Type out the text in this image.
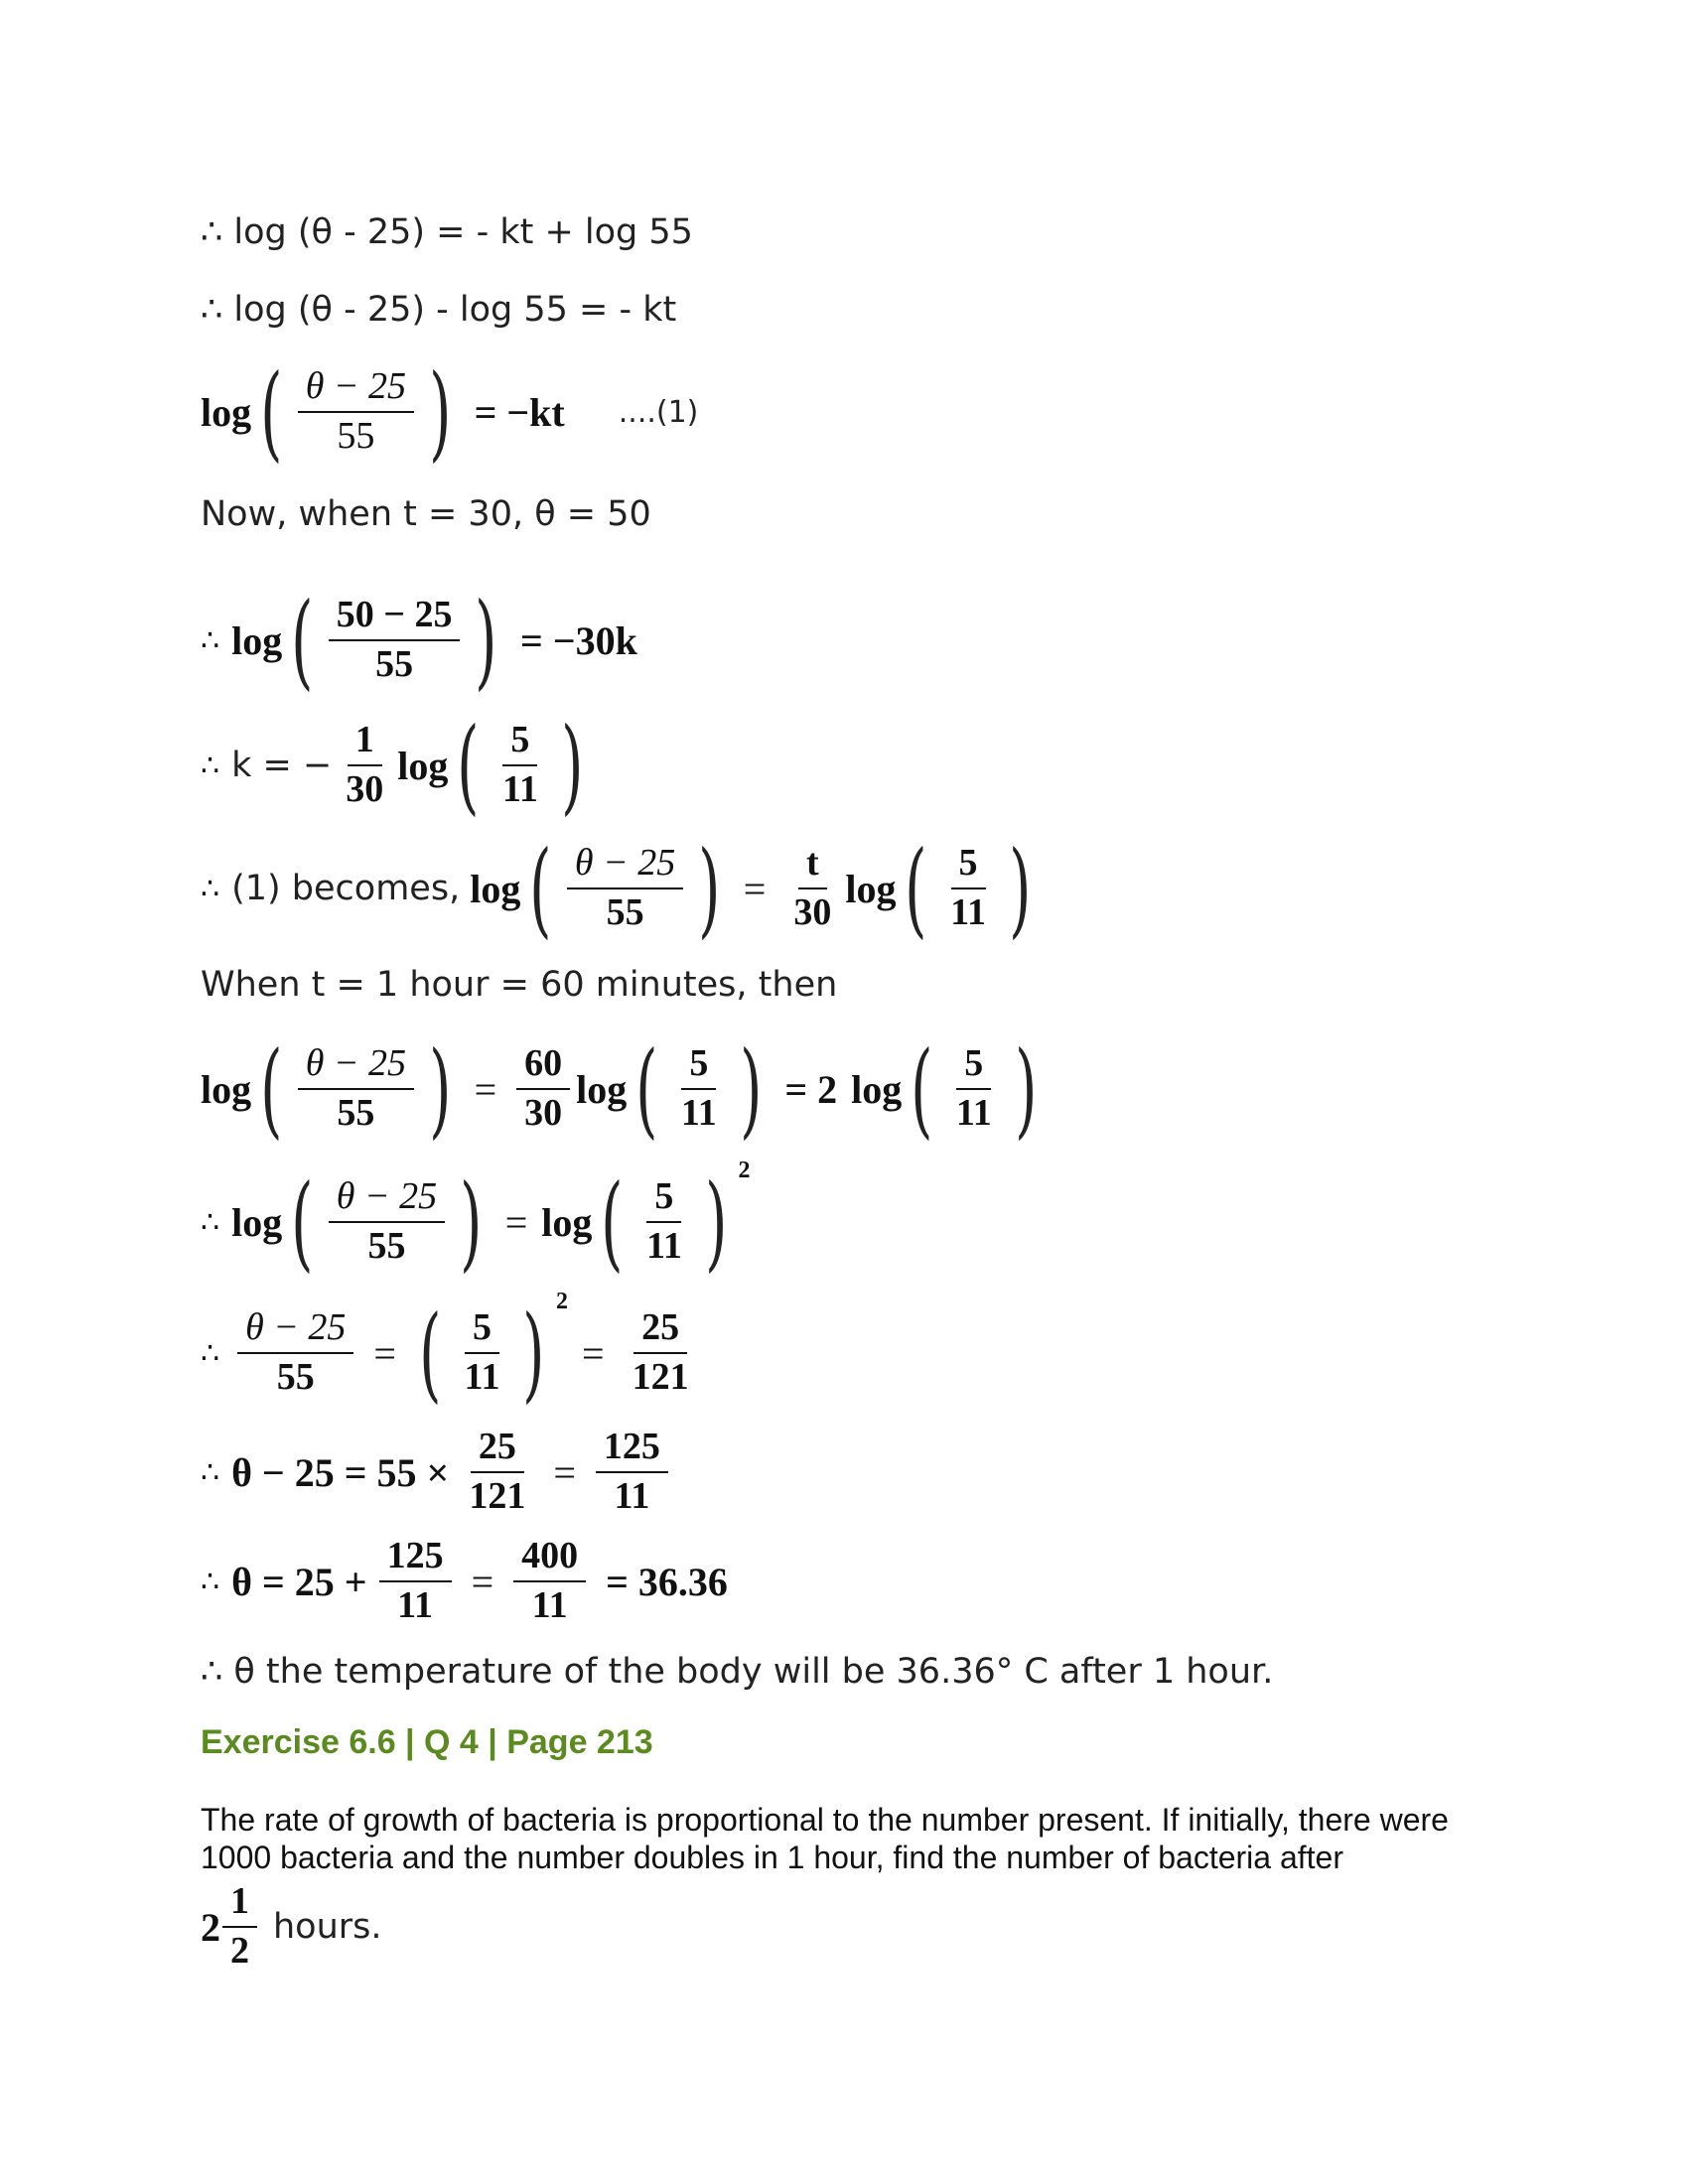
∴ log (θ - 25) = - kt + log 55
∴ log (θ - 25) - log 55 = - kt
log ( $\frac{\theta - 25}{55}$ ) = −kt ....(1)
Now, when t = 30, θ = 50
∴ log ( $\frac{50 - 25}{55}$ ) = −30k
∴ k = − $\frac{1}{30}$ log ( $\frac{5}{11}$ )
∴ (1) becomes, log ( $\frac{\theta - 25}{55}$ ) = $\frac{t}{30}$ log ( $\frac{5}{11}$ )
When t = 1 hour = 60 minutes, then
log ( $\frac{\theta - 25}{55}$ ) = $\frac{60}{30}$ log ( $\frac{5}{11}$ ) = 2 log ( $\frac{5}{11}$ )
∴ log ( $\frac{\theta - 25}{55}$ ) = log ( $\frac{5}{11}$ ) 2
∴ $\frac{\theta - 25}{55}$ = ( $\frac{5}{11}$ ) 2
= $\frac{25}{121}$
∴ $\theta - 25 = 55 \times \frac{25}{121} = \frac{125}{11}$
∴ $\theta = 25 + \frac{125}{11} = \frac{400}{11} = 36.36$
∴ θ the temperature of the body will be 36.36° C after 1 hour.
Exercise 6.6 | Q 4 | Page 213
The rate of growth of bacteria is proportional to the number present. If initially, there were 1000 bacteria and the number doubles in 1 hour, find the number of bacteria after
$2 \frac{1}{2}$ hours.
